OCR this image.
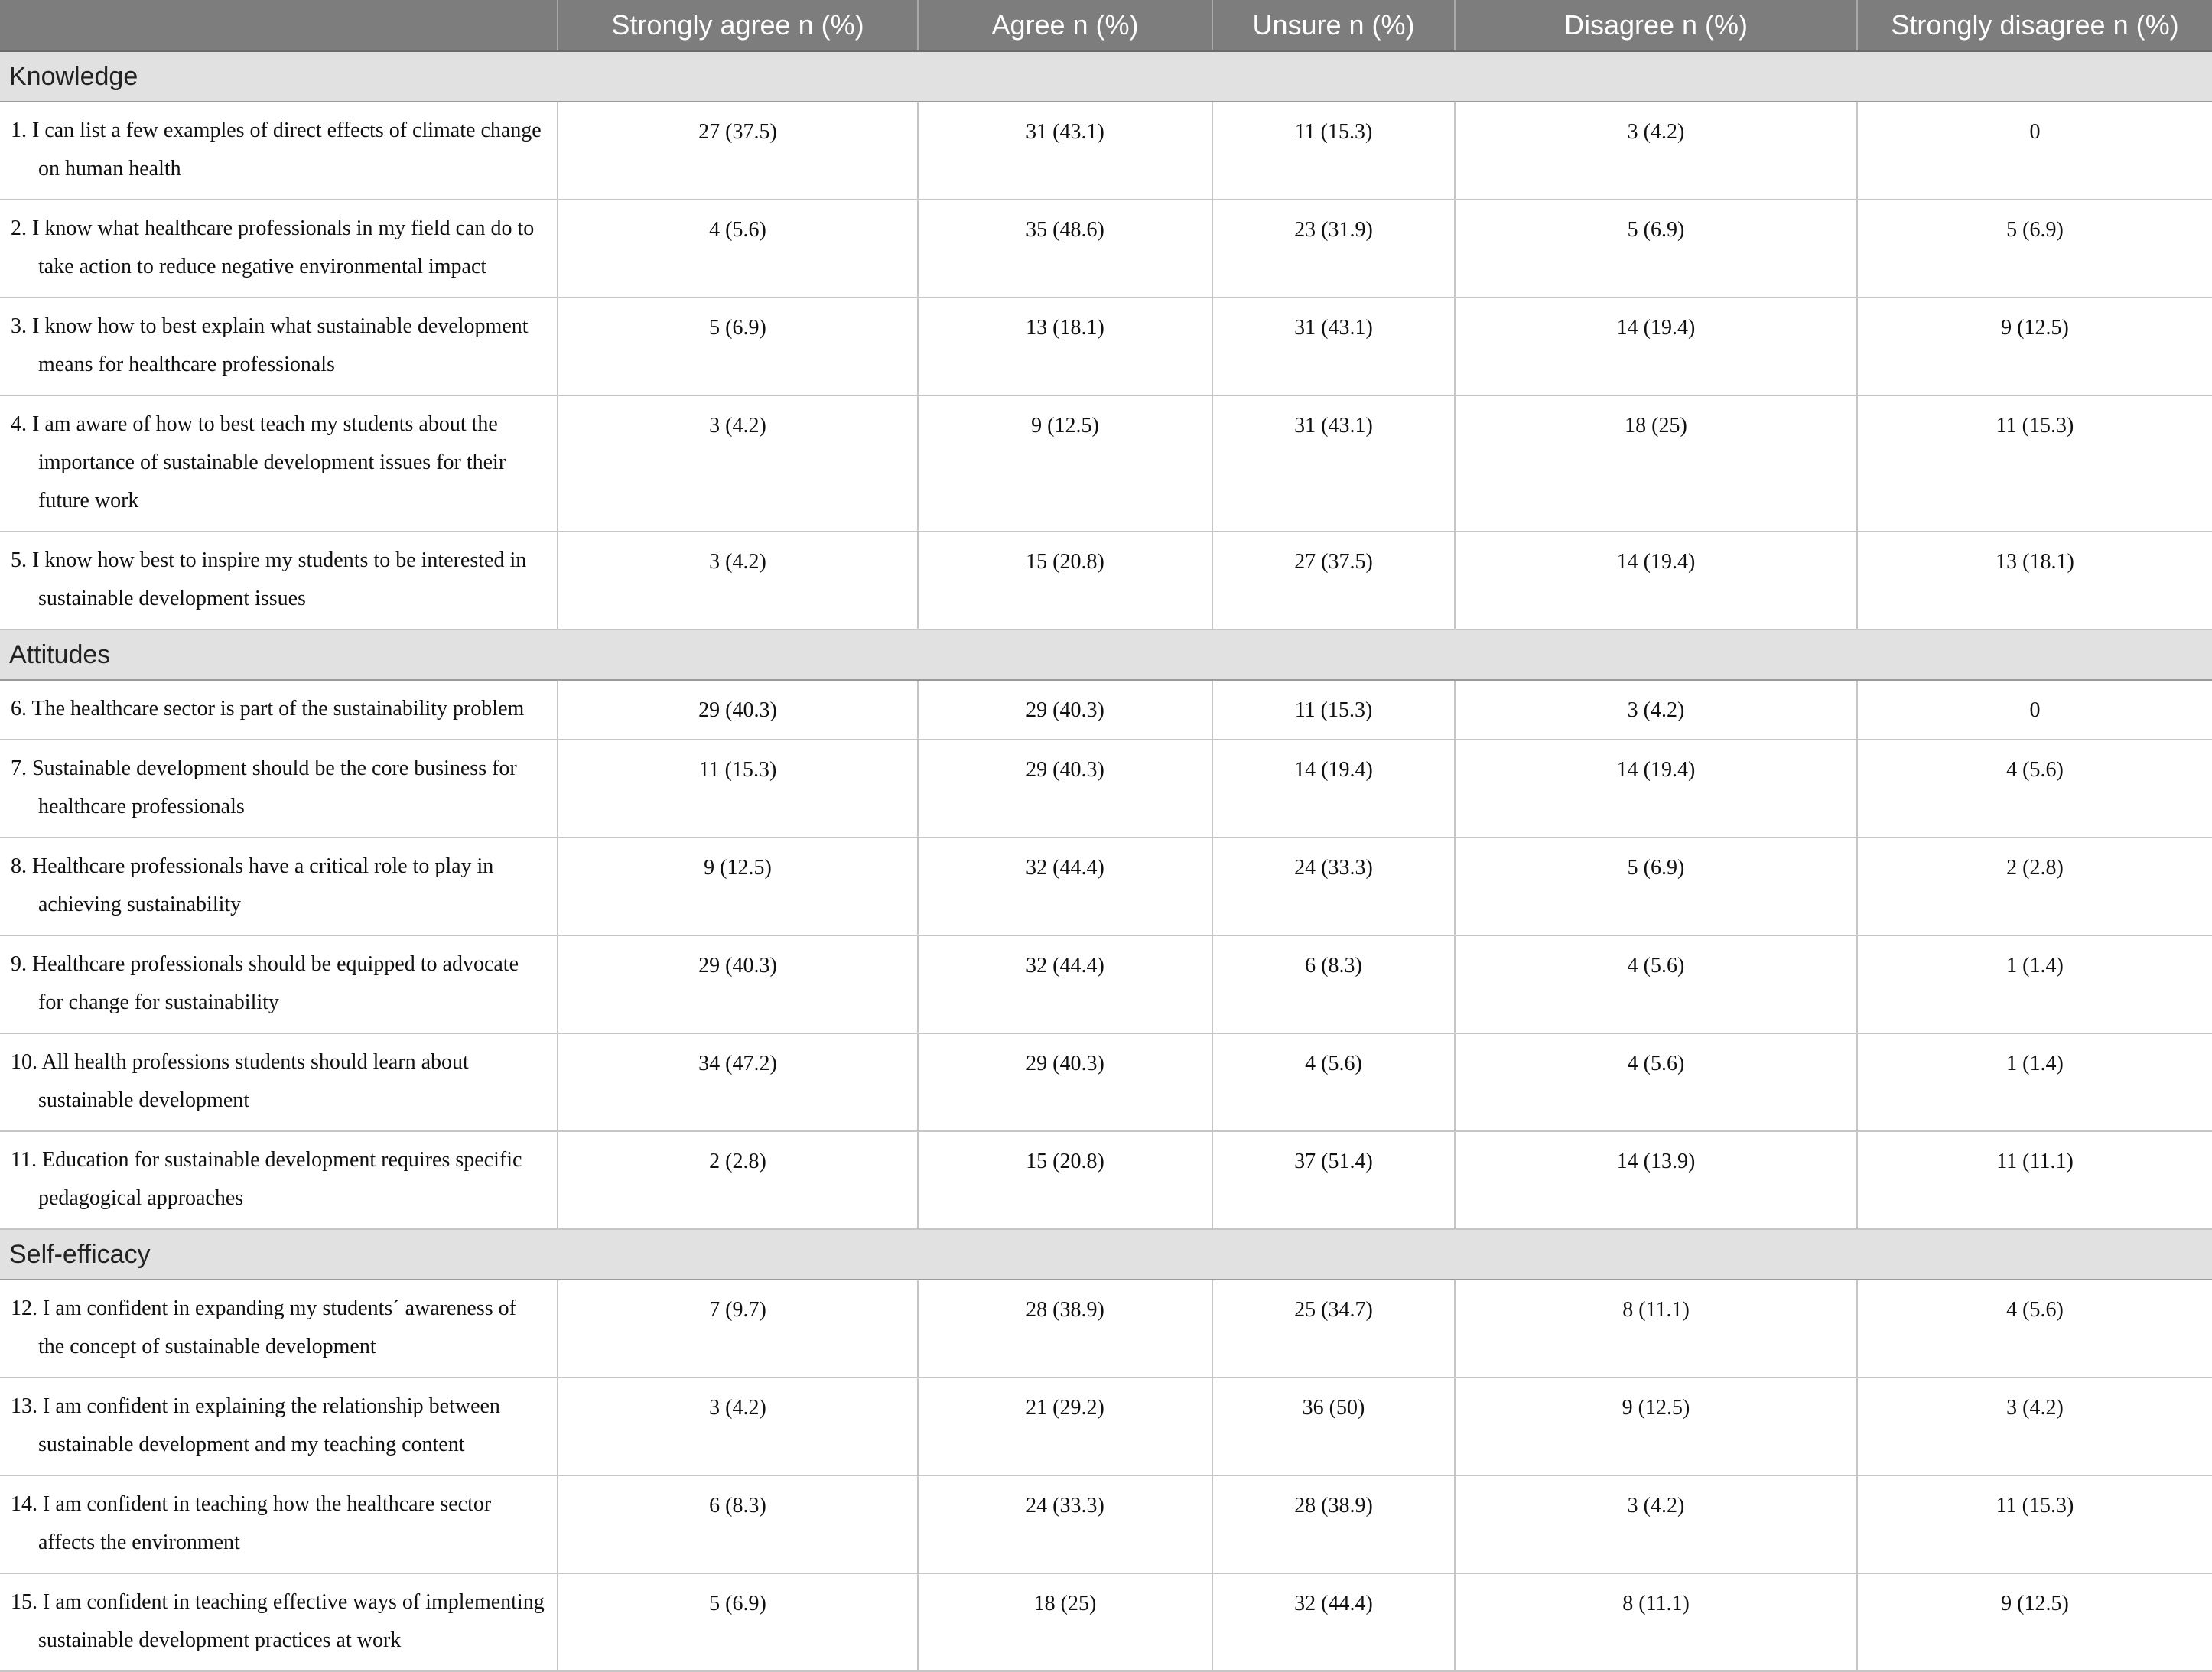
	Strongly agree n (%)	Agree n (%)	Unsure n (%)	Disagree n (%)	Strongly disagree n (%)
Knowledge					

1. I can list a few examples of direct effects of climate change on human health	27 (37.5)	31 (43.1)	11 (15.3)	3 (4.2)	0

2. I know what healthcare professionals in my field can do to take action to reduce negative environmental impact	4 (5.6)	35 (48.6)	23 (31.9)	5 (6.9)	5 (6.9)

3. I know how to best explain what sustainable development means for healthcare professionals	5 (6.9)	13 (18.1)	31 (43.1)	14 (19.4)	9 (12.5)

4. I am aware of how to best teach my students about the importance of sustainable development issues for their future work	3 (4.2)	9 (12.5)	31 (43.1)	18 (25)	11 (15.3)

5. I know how best to inspire my students to be interested in sustainable development issues	3 (4.2)	15 (20.8)	27 (37.5)	14 (19.4)	13 (18.1)
Attitudes					

6. The healthcare sector is part of the sustainability problem	29 (40.3)	29 (40.3)	11 (15.3)	3 (4.2)	0

7. Sustainable development should be the core business for healthcare professionals	11 (15.3)	29 (40.3)	14 (19.4)	14 (19.4)	4 (5.6)

8. Healthcare professionals have a critical role to play in achieving sustainability	9 (12.5)	32 (44.4)	24 (33.3)	5 (6.9)	2 (2.8)

9. Healthcare professionals should be equipped to advocate for change for sustainability	29 (40.3)	32 (44.4)	6 (8.3)	4 (5.6)	1 (1.4)

10. All health professions students should learn about sustainable development	34 (47.2)	29 (40.3)	4 (5.6)	4 (5.6)	1 (1.4)

11. Education for sustainable development requires specific pedagogical approaches	2 (2.8)	15 (20.8)	37 (51.4)	14 (13.9)	11 (11.1)
Self-efficacy					

12. I am confident in expanding my students´ awareness of the concept of sustainable development	7 (9.7)	28 (38.9)	25 (34.7)	8 (11.1)	4 (5.6)

13. I am confident in explaining the relationship between sustainable development and my teaching content	3 (4.2)	21 (29.2)	36 (50)	9 (12.5)	3 (4.2)

14. I am confident in teaching how the healthcare sector affects the environment	6 (8.3)	24 (33.3)	28 (38.9)	3 (4.2)	11 (15.3)

15. I am confident in teaching effective ways of implementing sustainable development practices at work	5 (6.9)	18 (25)	32 (44.4)	8 (11.1)	9 (12.5)
